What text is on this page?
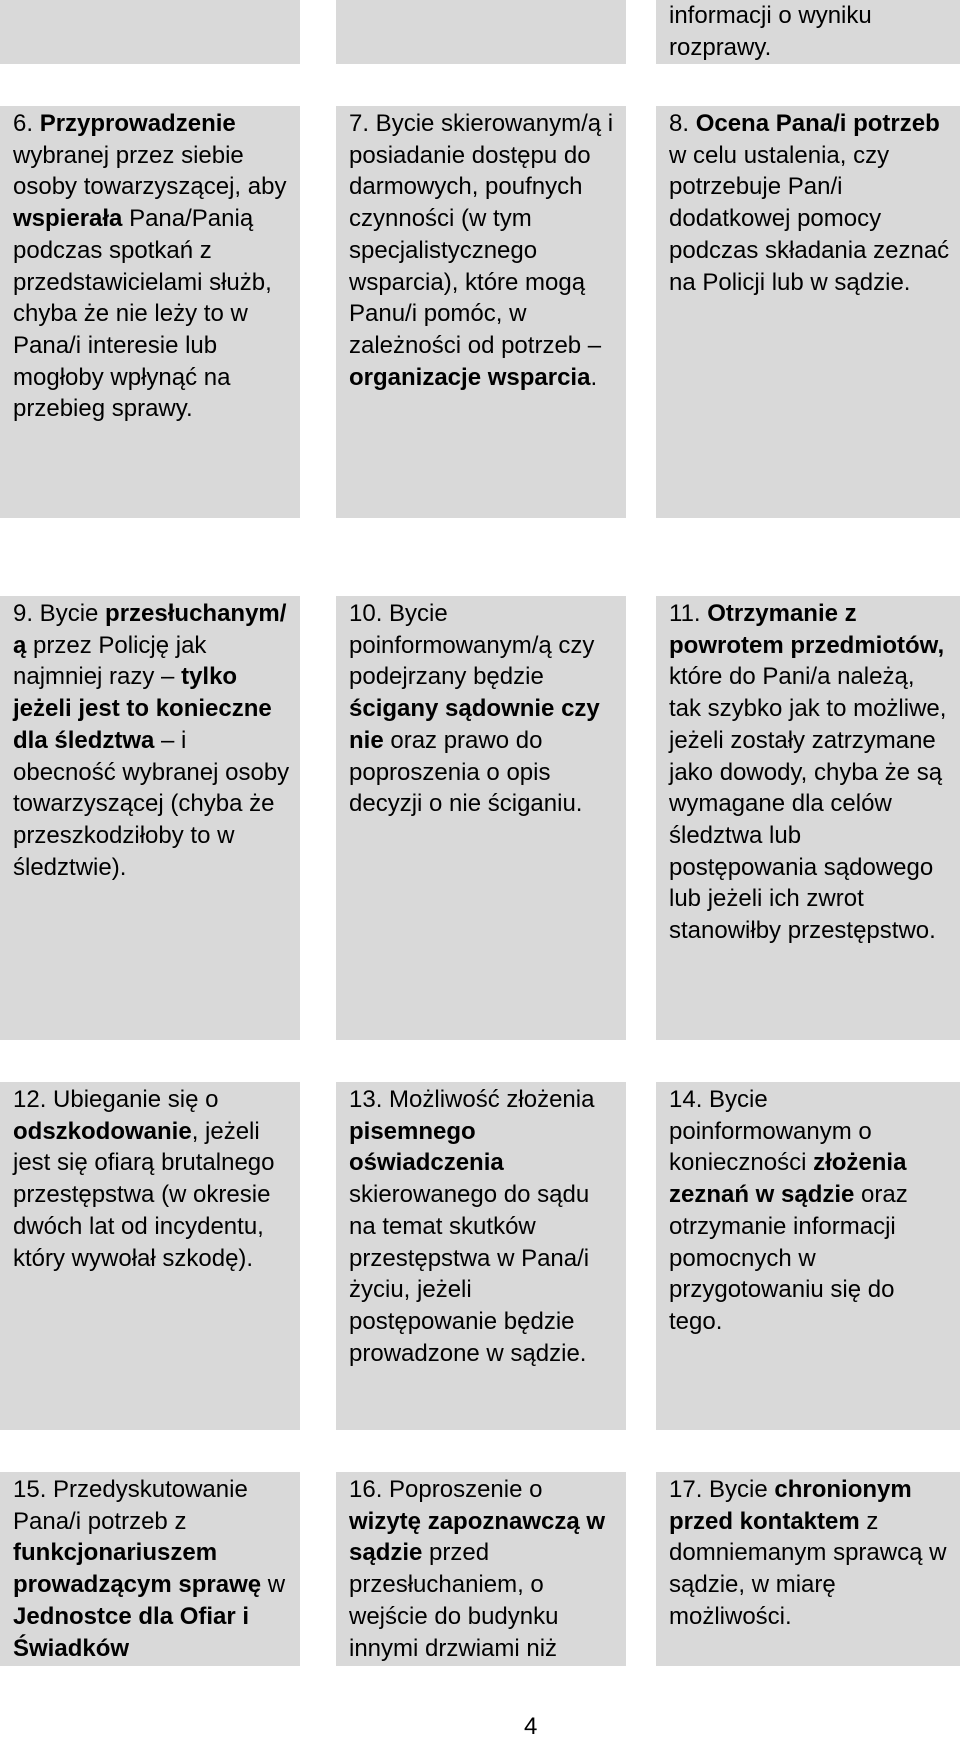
informacji o wyniku rozprawy.
6. Przyprowadzenie wybranej przez siebie osoby towarzyszącej, aby wspierała Pana/Panią podczas spotkań z przedstawicielami służb, chyba że nie leży to w Pana/i interesie lub mogłoby wpłynąć na przebieg sprawy.
7. Bycie skierowanym/ą i posiadanie dostępu do darmowych, poufnych czynności (w tym specjalistycznego wsparcia), które mogą Panu/i pomóc, w zależności od potrzeb – organizacje wsparcia.
8. Ocena Pana/i potrzeb w celu ustalenia, czy potrzebuje Pan/i dodatkowej pomocy podczas składania zeznać na Policji lub w sądzie.
9. Bycie przesłuchanym/ą przez Policję jak najmniej razy – tylko jeżeli jest to konieczne dla śledztwa – i obecność wybranej osoby towarzyszącej (chyba że przeszkodziłoby to w śledztwie).
10. Bycie poinformowanym/ą czy podejrzany będzie ścigany sądownie czy nie oraz prawo do poproszenia o opis decyzji o nie ściganiu.
11. Otrzymanie z powrotem przedmiotów, które do Pani/a należą, tak szybko jak to możliwe, jeżeli zostały zatrzymane jako dowody, chyba że są wymagane dla celów śledztwa lub postępowania sądowego lub jeżeli ich zwrot stanowiłby przestępstwo.
12. Ubieganie się o odszkodowanie, jeżeli jest się ofiarą brutalnego przestępstwa (w okresie dwóch lat od incydentu, który wywołał szkodę).
13. Możliwość złożenia pisemnego oświadczenia skierowanego do sądu na temat skutków przestępstwa w Pana/i życiu, jeżeli postępowanie będzie prowadzone w sądzie.
14. Bycie poinformowanym o konieczności złożenia zeznań w sądzie oraz otrzymanie informacji pomocnych w przygotowaniu się do tego.
15. Przedyskutowanie Pana/i potrzeb z funkcjonariuszem prowadzącym sprawę w Jednostce dla Ofiar i Świadków
16. Poproszenie o wizytę zapoznawczą w sądzie przed przesłuchaniem, o wejście do budynku innymi drzwiami niż
17. Bycie chronionym przed kontaktem z domniemanym sprawcą w sądzie, w miarę możliwości.
4
